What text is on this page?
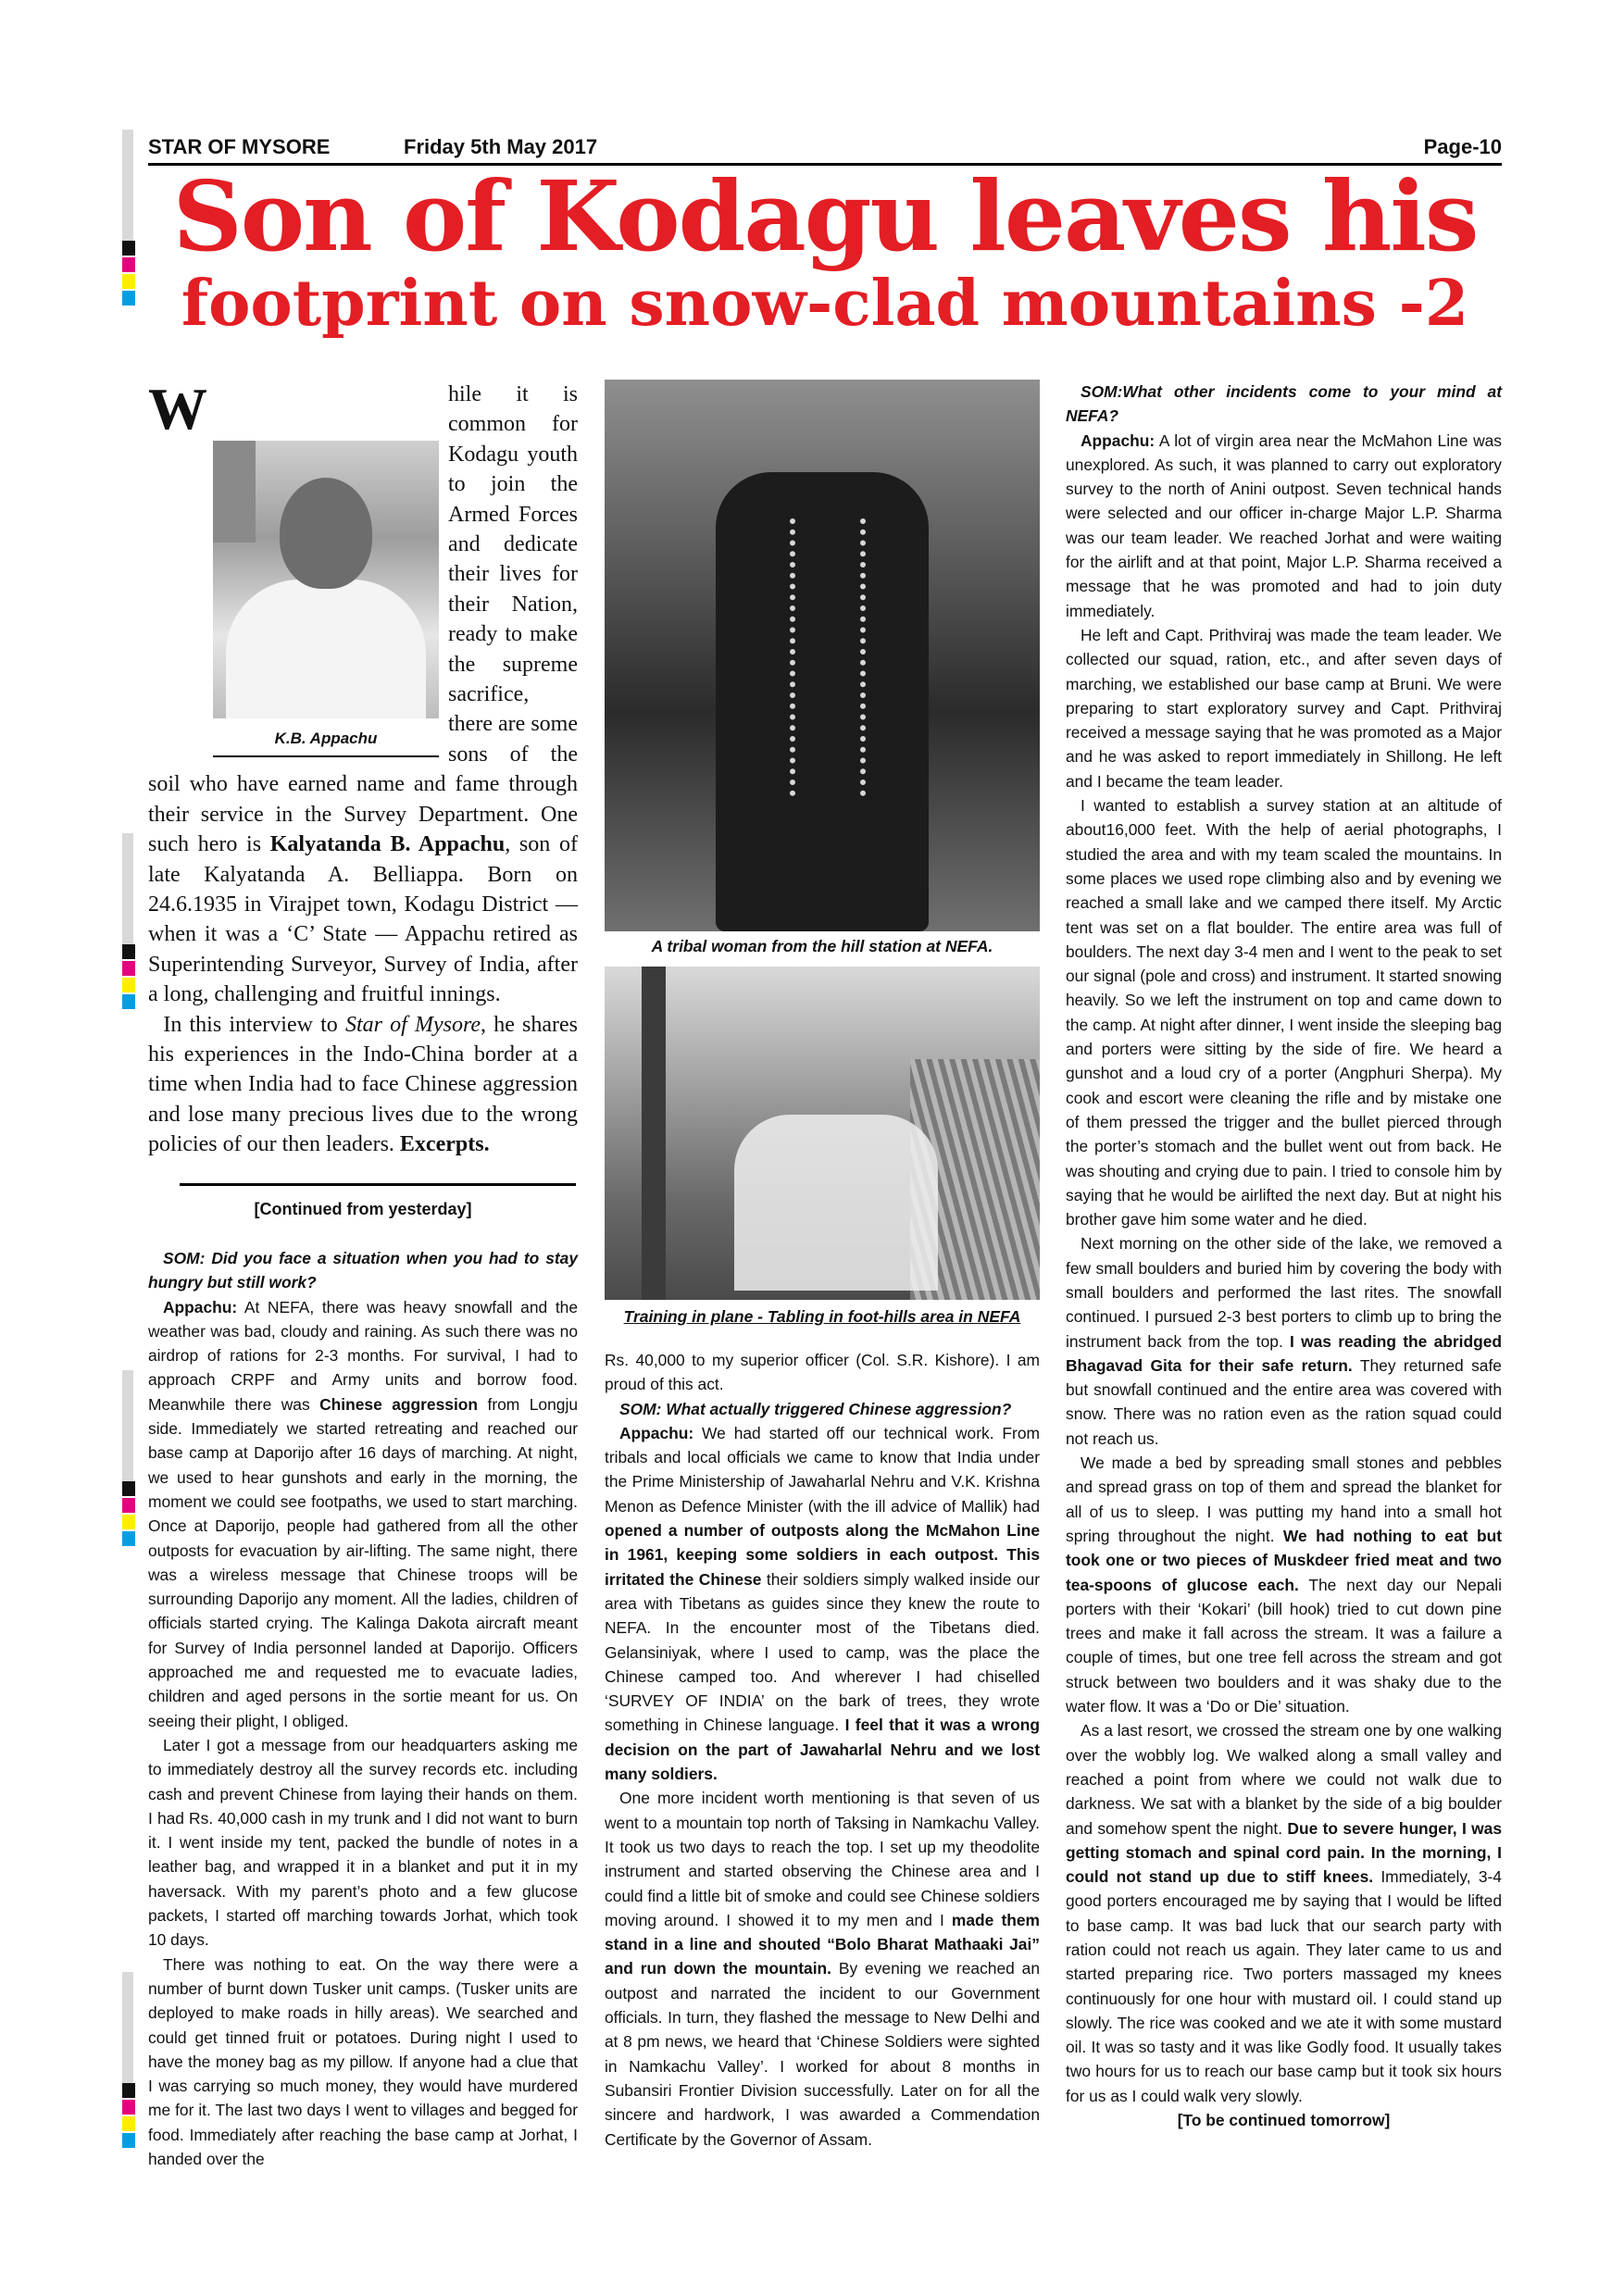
STAR OF MYSORE	Friday 5th May 2017	Page-10
Son of Kodagu leaves his
footprint on snow-clad mountains -2
W
K.B. Appachu
hile it is common for Kodagu youth to join the Armed Forces and dedicate their lives for their Nation, ready to make the supreme sacrifice, there are some sons of the soil who have earned name and fame through their service in the Survey Department. One such hero is Kalyatanda B. Appachu, son of late Kalyatanda A. Belliappa. Born on 24.6.1935 in Virajpet town, Kodagu District — when it was a ‘C’ State — Appachu retired as Superintending Surveyor, Survey of India, after a long, challenging and fruitful innings.
In this interview to Star of Mysore, he shares his experiences in the Indo-China border at a time when India had to face Chinese aggression and lose many precious lives due to the wrong policies of our then leaders. Excerpts.
[Continued from yesterday]

SOM: Did you face a situation when you had to stay hungry but still work?

Appachu: At NEFA, there was heavy snowfall and the weather was bad, cloudy and raining. As such there was no airdrop of rations for 2-3 months. For survival, I had to approach CRPF and Army units and borrow food. Meanwhile there was Chinese aggression from Longju side. Immediately we started retreating and reached our base camp at Daporijo after 16 days of marching. At night, we used to hear gunshots and early in the morning, the moment we could see footpaths, we used to start marching. Once at Daporijo, people had gathered from all the other outposts for evacuation by air-lifting. The same night, there was a wireless message that Chinese troops will be surrounding Daporijo any moment. All the ladies, children of officials started crying. The Kalinga Dakota aircraft meant for Survey of India personnel landed at Daporijo. Officers approached me and requested me to evacuate ladies, children and aged persons in the sortie meant for us. On seeing their plight, I obliged.

Later I got a message from our headquarters asking me to immediately destroy all the survey records etc. including cash and prevent Chinese from laying their hands on them. I had Rs. 40,000 cash in my trunk and I did not want to burn it. I went inside my tent, packed the bundle of notes in a leather bag, and wrapped it in a blanket and put it in my haversack. With my parent’s photo and a few glucose packets, I started off marching towards Jorhat, which took 10 days.

There was nothing to eat. On the way there were a number of burnt down Tusker unit camps. (Tusker units are deployed to make roads in hilly areas). We searched and could get tinned fruit or potatoes. During night I used to have the money bag as my pillow. If anyone had a clue that I was carrying so much money, they would have murdered me for it. The last two days I went to villages and begged for food. Immediately after reaching the base camp at Jorhat, I handed over the

A tribal woman from the hill station at NEFA.
Training in plane - Tabling in foot-hills area in NEFA

Rs. 40,000 to my superior officer (Col. S.R. Kishore). I am proud of this act.

SOM: What actually triggered Chinese aggression?

Appachu: We had started off our technical work. From tribals and local officials we came to know that India under the Prime Ministership of Jawaharlal Nehru and V.K. Krishna Menon as Defence Minister (with the ill advice of Mallik) had opened a number of outposts along the McMahon Line in 1961, keeping some soldiers in each outpost. This irritated the Chinese their soldiers simply walked inside our area with Tibetans as guides since they knew the route to NEFA. In the encounter most of the Tibetans died. Gelansiniyak, where I used to camp, was the place the Chinese camped too. And wherever I had chiselled ‘SURVEY OF INDIA’ on the bark of trees, they wrote something in Chinese language. I feel that it was a wrong decision on the part of Jawaharlal Nehru and we lost many soldiers.

One more incident worth mentioning is that seven of us went to a mountain top north of Taksing in Namkachu Valley. It took us two days to reach the top. I set up my theodolite instrument and started observing the Chinese area and I could find a little bit of smoke and could see Chinese soldiers moving around. I showed it to my men and I made them stand in a line and shouted “Bolo Bharat Mathaaki Jai” and run down the mountain. By evening we reached an outpost and narrated the incident to our Government officials. In turn, they flashed the message to New Delhi and at 8 pm news, we heard that ‘Chinese Soldiers were sighted in Namkachu Valley’. I worked for about 8 months in Subansiri Frontier Division successfully. Later on for all the sincere and hardwork, I was awarded a Commendation Certificate by the Governor of Assam.

SOM:What other incidents come to your mind at NEFA?

Appachu: A lot of virgin area near the McMahon Line was unexplored. As such, it was planned to carry out exploratory survey to the north of Anini outpost. Seven technical hands were selected and our officer in-charge Major L.P. Sharma was our team leader. We reached Jorhat and were waiting for the airlift and at that point, Major L.P. Sharma received a message that he was promoted and had to join duty immediately.

He left and Capt. Prithviraj was made the team leader. We collected our squad, ration, etc., and after seven days of marching, we established our base camp at Bruni. We were preparing to start exploratory survey and Capt. Prithviraj received a message saying that he was promoted as a Major and he was asked to report immediately in Shillong. He left and I became the team leader.

I wanted to establish a survey station at an altitude of about16,000 feet. With the help of aerial photographs, I studied the area and with my team scaled the mountains. In some places we used rope climbing also and by evening we reached a small lake and we camped there itself. My Arctic tent was set on a flat boulder. The entire area was full of boulders. The next day 3-4 men and I went to the peak to set our signal (pole and cross) and instrument. It started snowing heavily. So we left the instrument on top and came down to the camp. At night after dinner, I went inside the sleeping bag and porters were sitting by the side of fire. We heard a gunshot and a loud cry of a porter (Angphuri Sherpa). My cook and escort were cleaning the rifle and by mistake one of them pressed the trigger and the bullet pierced through the porter’s stomach and the bullet went out from back. He was shouting and crying due to pain. I tried to console him by saying that he would be airlifted the next day. But at night his brother gave him some water and he died.

Next morning on the other side of the lake, we removed a few small boulders and buried him by covering the body with small boulders and performed the last rites. The snowfall continued. I pursued 2-3 best porters to climb up to bring the instrument back from the top. I was reading the abridged Bhagavad Gita for their safe return. They returned safe but snowfall continued and the entire area was covered with snow. There was no ration even as the ration squad could not reach us.

We made a bed by spreading small stones and pebbles and spread grass on top of them and spread the blanket for all of us to sleep. I was putting my hand into a small hot spring throughout the night. We had nothing to eat but took one or two pieces of Muskdeer fried meat and two tea-spoons of glucose each. The next day our Nepali porters with their ‘Kokari’ (bill hook) tried to cut down pine trees and make it fall across the stream. It was a failure a couple of times, but one tree fell across the stream and got struck between two boulders and it was shaky due to the water flow. It was a ‘Do or Die’ situation.

As a last resort, we crossed the stream one by one walking over the wobbly log. We walked along a small valley and reached a point from where we could not walk due to darkness. We sat with a blanket by the side of a big boulder and somehow spent the night. Due to severe hunger, I was getting stomach and spinal cord pain. In the morning, I could not stand up due to stiff knees. Immediately, 3-4 good porters encouraged me by saying that I would be lifted to base camp. It was bad luck that our search party with ration could not reach us again. They later came to us and started preparing rice. Two porters massaged my knees continuously for one hour with mustard oil. I could stand up slowly. The rice was cooked and we ate it with some mustard oil. It was so tasty and it was like Godly food. It usually takes two hours for us to reach our base camp but it took six hours for us as I could walk very slowly.

[To be continued tomorrow]
